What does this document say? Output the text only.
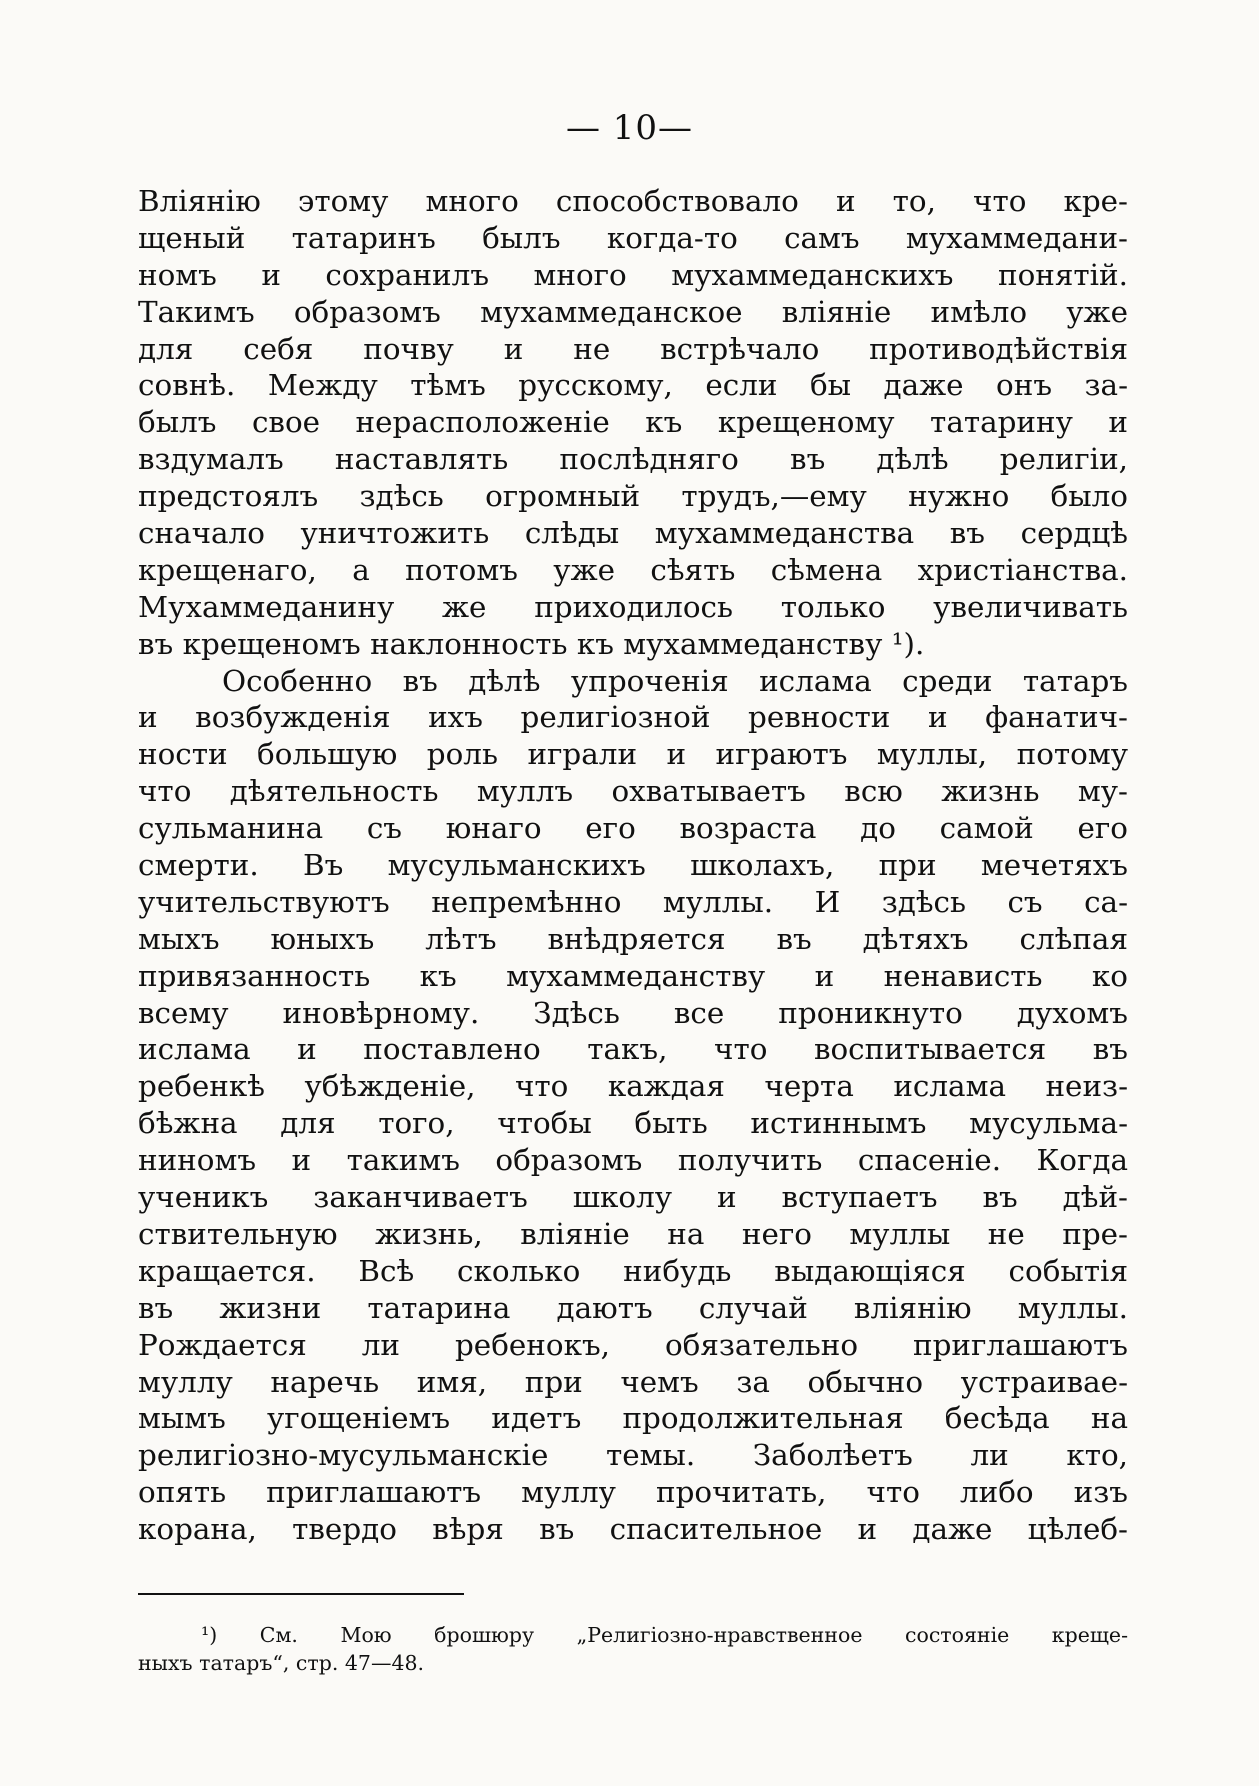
— 10—
Вліянію этому много способствовало и то, что кре-
щеный татаринъ былъ когда-то самъ мухаммедани-
номъ и сохранилъ много мухаммеданскихъ понятій.
Такимъ образомъ мухаммеданское вліяніе имѣло уже
для себя почву и не встрѣчало противодѣйствія
совнѣ. Между тѣмъ русскому, если бы даже онъ за-
былъ свое нерасположеніе къ крещеному татарину и
вздумалъ наставлять послѣдняго въ дѣлѣ религіи,
предстоялъ здѣсь огромный трудъ,—ему нужно было
сначало уничтожить слѣды мухаммеданства въ сердцѣ
крещенаго, а потомъ уже сѣять сѣмена христіанства.
Мухаммеданину же приходилось только увеличивать
въ крещеномъ наклонность къ мухаммеданству ¹).
Особенно въ дѣлѣ упроченія ислама среди татаръ
и возбужденія ихъ религіозной ревности и фанатич-
ности большую роль играли и играютъ муллы, потому
что дѣятельность муллъ охватываетъ всю жизнь му-
сульманина съ юнаго его возраста до самой его
смерти. Въ мусульманскихъ школахъ, при мечетяхъ
учительствуютъ непремѣнно муллы. И здѣсь съ са-
мыхъ юныхъ лѣтъ внѣдряется въ дѣтяхъ слѣпая
привязанность къ мухаммеданству и ненависть ко
всему иновѣрному. Здѣсь все проникнуто духомъ
ислама и поставлено такъ, что воспитывается въ
ребенкѣ убѣжденіе, что каждая черта ислама неиз-
бѣжна для того, чтобы быть истиннымъ мусульма-
ниномъ и такимъ образомъ получить спасеніе. Когда
ученикъ заканчиваетъ школу и вступаетъ въ дѣй-
ствительную жизнь, вліяніе на него муллы не пре-
кращается. Всѣ сколько нибудь выдающіяся событія
въ жизни татарина даютъ случай вліянію муллы.
Рождается ли ребенокъ, обязательно приглашаютъ
муллу наречь имя, при чемъ за обычно устраивае-
мымъ угощеніемъ идетъ продолжительная бесѣда на
религіозно-мусульманскіе темы. Заболѣетъ ли кто,
опять приглашаютъ муллу прочитать, что либо изъ
корана, твердо вѣря въ спасительное и даже цѣлеб-
¹) См. Мою брошюру „Религіозно-нравственное состояніе креще-
ныхъ татаръ“, стр. 47—48.
